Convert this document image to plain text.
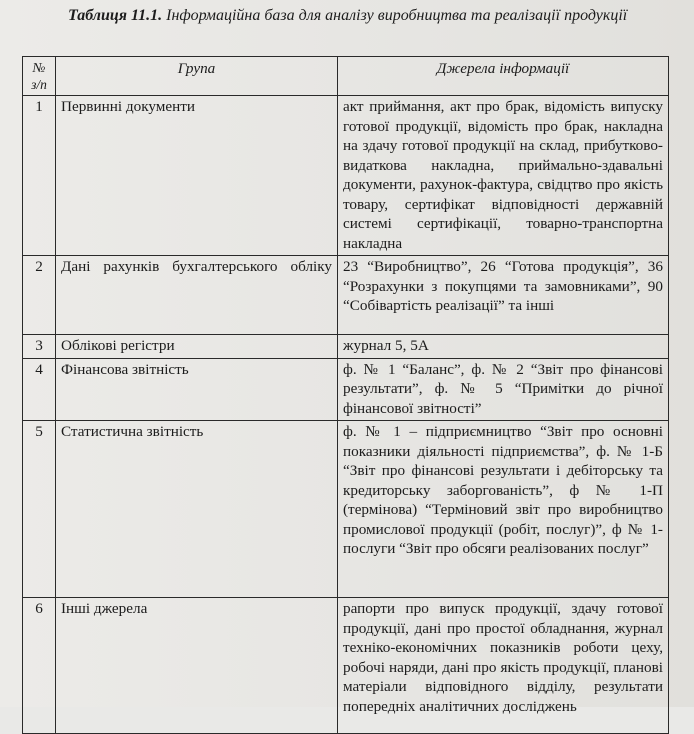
Таблиця 11.1. Інформаційна база для аналізу виробництва та реалізації продукції
№ з/п	Група	Джерела інформації
1	Первинні документи	акт приймання, акт про брак, відомість випуску готової продукції, відомість про брак, накладна на здачу готової продукції на склад, прибутково-видаткова накладна, приймально-здавальні документи, рахунок-фактура, свідцтво про якість товару, сертифікат відповідності державній системі сертифікації, товарно-транспортна накладна
2	Дані рахунків бухгалтерського обліку	23 “Виробництво”, 26 “Готова продукція”, 36 “Розрахунки з покупцями та замовниками”, 90 “Собівартість реалізації” та інші
3	Облікові регістри	журнал 5, 5А
4	Фінансова звітність	ф. № 1 “Баланс”, ф. № 2 “Звіт про фінансові результати”, ф. № 5 “Примітки до річної фінансової звітності”
5	Статистична звітність	ф. № 1 – підприємництво “Звіт про основні показники діяльності підприємства”, ф. № 1-Б “Звіт про фінансові результати і дебіторську та кредиторську заборгованість”, ф № 1-П (термінова) “Терміновий звіт про виробництво промислової продукції (робіт, послуг)”, ф № 1-послуги “Звіт про обсяги реалізованих послуг”
6	Інші джерела	рапорти про випуск продукції, здачу готової продукції, дані про простої обладнання, журнал техніко-економічних показників роботи цеху, робочі наряди, дані про якість продукції, планові матеріали відповідного відділу, результати попередніх аналітичних досліджень
